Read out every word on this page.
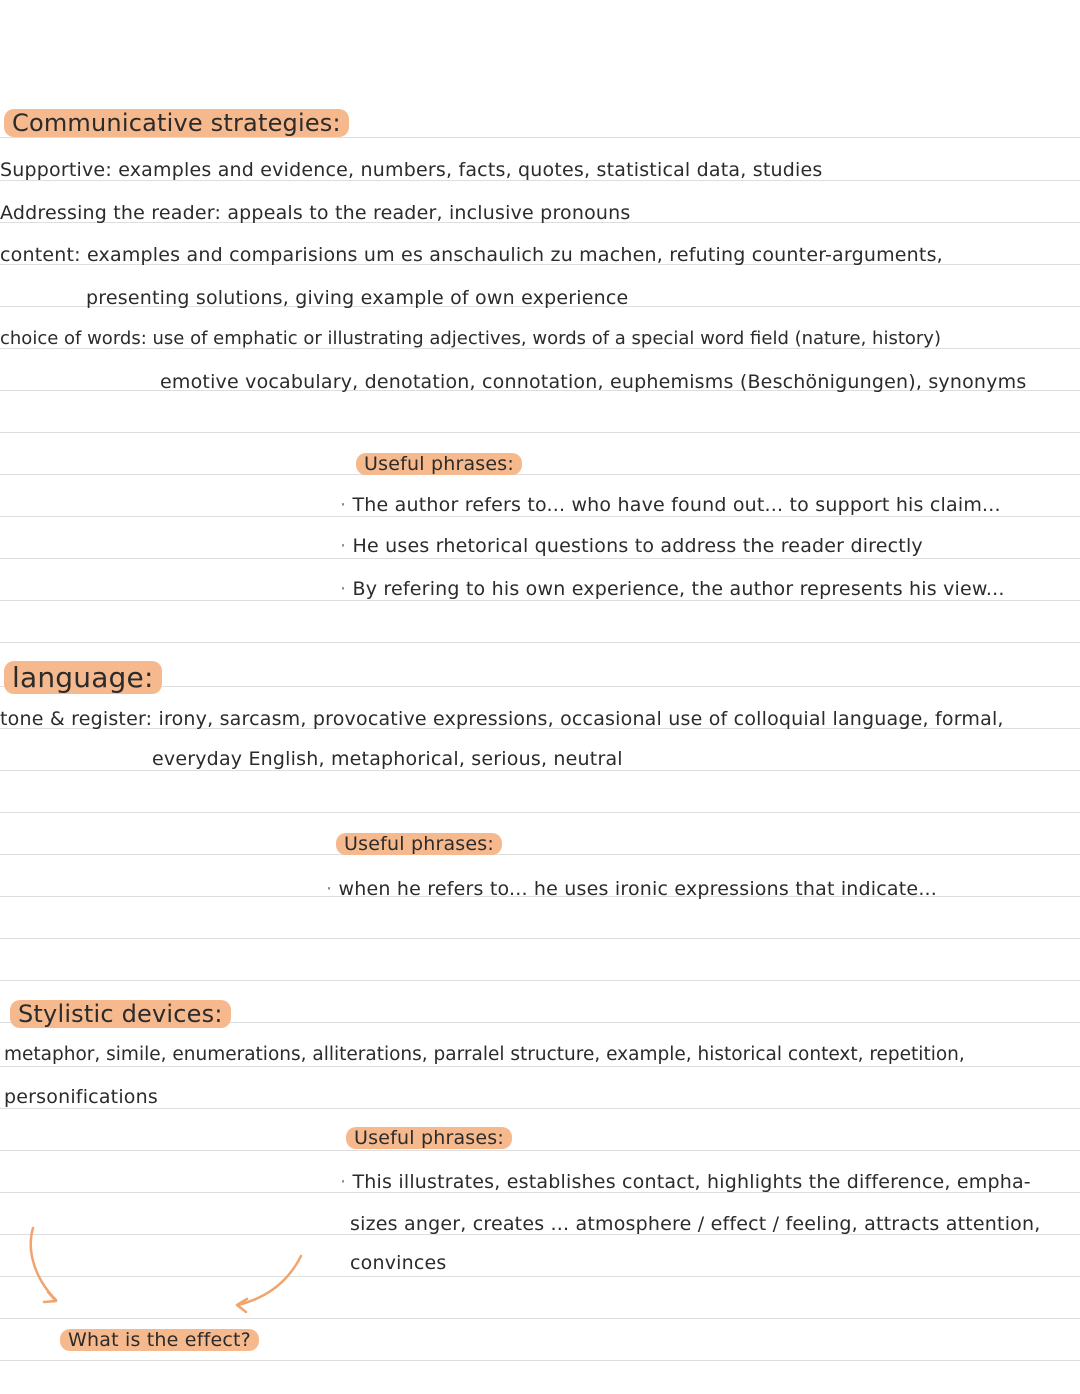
Communicative strategies:
Supportive: examples and evidence, numbers, facts, quotes, statistical data, studies
Addressing the reader: appeals to the reader, inclusive pronouns
content: examples and comparisions um es anschaulich zu machen, refuting counter-arguments,
presenting solutions, giving example of own experience
choice of words: use of emphatic or illustrating adjectives, words of a special word field (nature, history)
emotive vocabulary, denotation, connotation, euphemisms (Beschönigungen), synonyms
Useful phrases:
· The author refers to... who have found out... to support his claim...
· He uses rhetorical questions to address the reader directly
· By refering to his own experience, the author represents his view...
language:
tone & register: irony, sarcasm, provocative expressions, occasional use of colloquial language, formal,
everyday English, metaphorical, serious, neutral
Useful phrases:
· when he refers to... he uses ironic expressions that indicate...
Stylistic devices:
metaphor, simile, enumerations, alliterations, parralel structure, example, historical context, repetition,
personifications
Useful phrases:
· This illustrates, establishes contact, highlights the difference, empha-
sizes anger, creates ... atmosphere / effect / feeling, attracts attention,
convinces
What is the effect?
